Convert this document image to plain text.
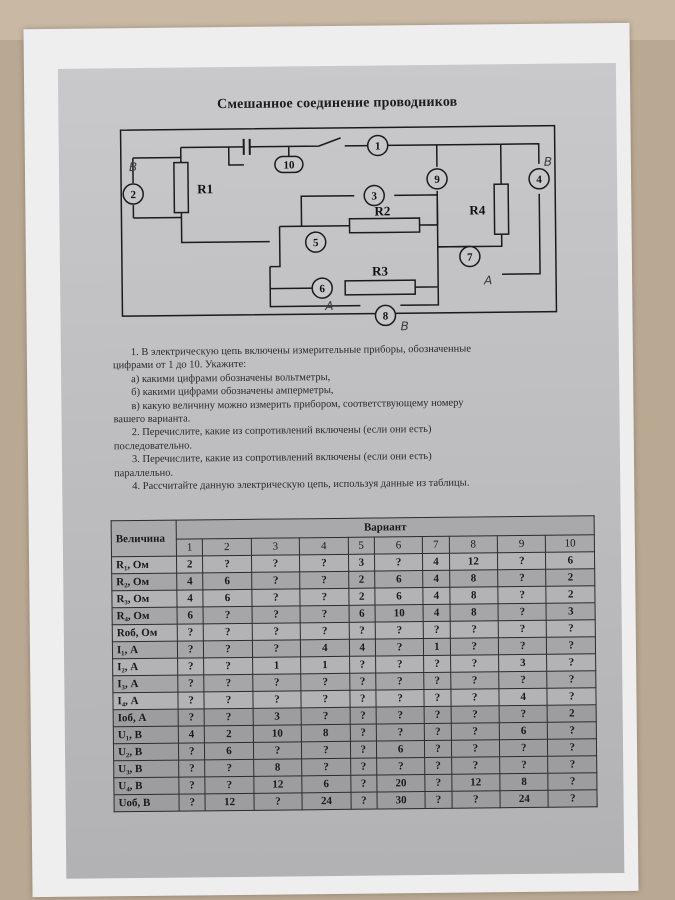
Смешанное соединение проводников
1
2	3
4
5
6
7
8
9
10
R1
R2
R3
R4
В	В
А
А
В

1. В электрическую цепь включены измерительные приборы, обозначенные

цифрами от 1 до 10. Укажите:

а) какими цифрами обозначены вольтметры,

б) какими цифрами обозначены амперметры,

в) какую величину можно измерить прибором, соответствующему номеру

вашего варианта.

2. Перечислите, какие из сопротивлений включены (если они есть)

последовательно.

3. Перечислите, какие из сопротивлений включены (если они есть)

параллельно.

4. Рассчитайте данную электрическую цепь, используя данные из таблицы.

Величина	Вариант									
	1	2	3	4	5	6	7	8	9	10
R₁, Ом	2	?	?	?	3	?	4	12	?	6
R₂, Ом	4	6	?	?	2	6	4	8	?	2
R₃, Ом	4	6	?	?	2	6	4	8	?	2
R₄, Ом	6	?	?	?	6	10	4	8	?	3
Rоб, Ом	?	?	?	?	?	?	?	?	?	?
I₁, А	?	?	?	4	4	?	1	?	?	?
I₂, А	?	?	1	1	?	?	?	?	3	?
I₃, А	?	?	?	?	?	?	?	?	?	?
I₄, А	?	?	?	?	?	?	?	?	4	?
Iоб, А	?	?	3	?	?	?	?	?	?	2
U₁, В	4	2	10	8	?	?	?	?	6	?
U₂, В	?	6	?	?	?	6	?	?	?	?
U₃, В	?	?	8	?	?	?	?	?	?	?
U₄, В	?	?	12	6	?	20	?	12	8	?
Uоб, В	?	12	?	24	?	30	?	?	24	?
